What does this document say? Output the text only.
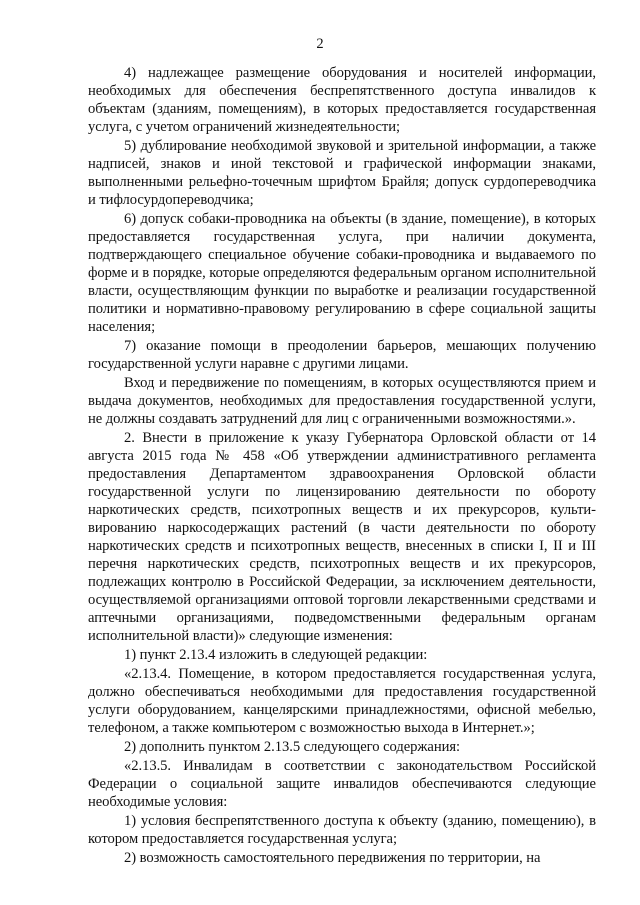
2

4) надлежащее размещение оборудования и носителей информации, необходимых для обеспечения беспрепятственного доступа инвалидов к объектам (зданиям, помещениям), в которых предоставляется государственная услуга, с учетом ограничений жизнедеятельности;

5) дублирование необходимой звуковой и зрительной информации, а также надписей, знаков и иной текстовой и графической информации знаками, выполненными рельефно-точечным шрифтом Брайля; допуск сурдопереводчика и тифлосурдопереводчика;

6) допуск собаки-проводника на объекты (в здание, помещение), в которых предоставляется государственная услуга, при наличии документа, подтверждающего специальное обучение собаки-проводника и выдаваемого по форме и в порядке, которые определяются федеральным органом исполнительной власти, осуществляющим функции по выработке и реализации государственной политики и нормативно-правовому регулированию в сфере социальной защиты населения;

7) оказание помощи в преодолении барьеров, мешающих получению государственной услуги наравне с другими лицами.

Вход и передвижение по помещениям, в которых осуществляются прием и выдача документов, необходимых для предоставления государственной услуги, не должны создавать затруднений для лиц с ограниченными возможностями.».

2. Внести в приложение к указу Губернатора Орловской области от 14 августа 2015 года № 458 «Об утверждении административного регламента предоставления Департаментом здравоохранения Орловской области государственной услуги по лицензированию деятельности по обороту наркотических средств, психотропных веществ и их прекурсоров, культи-вированию наркосодержащих растений (в части деятельности по обороту наркотических средств и психотропных веществ, внесенных в списки I, II и III перечня наркотических средств, психотропных веществ и их прекурсоров, подлежащих контролю в Российской Федерации, за исключением деятельности, осуществляемой организациями оптовой торговли лекарственными средствами и аптечными организациями, подведомственными федеральным органам исполнительной власти)» следующие изменения:

1) пункт 2.13.4 изложить в следующей редакции:

«2.13.4. Помещение, в котором предоставляется государственная услуга, должно обеспечиваться необходимыми для предоставления государственной услуги оборудованием, канцелярскими принадлежностями, офисной мебелью, телефоном, а также компьютером с возможностью выхода в Интернет.»;

2) дополнить пунктом 2.13.5 следующего содержания:

«2.13.5. Инвалидам в соответствии с законодательством Российской Федерации о социальной защите инвалидов обеспечиваются следующие необходимые условия:

1) условия беспрепятственного доступа к объекту (зданию, помещению), в котором предоставляется государственная услуга;

2) возможность самостоятельного передвижения по территории, на
